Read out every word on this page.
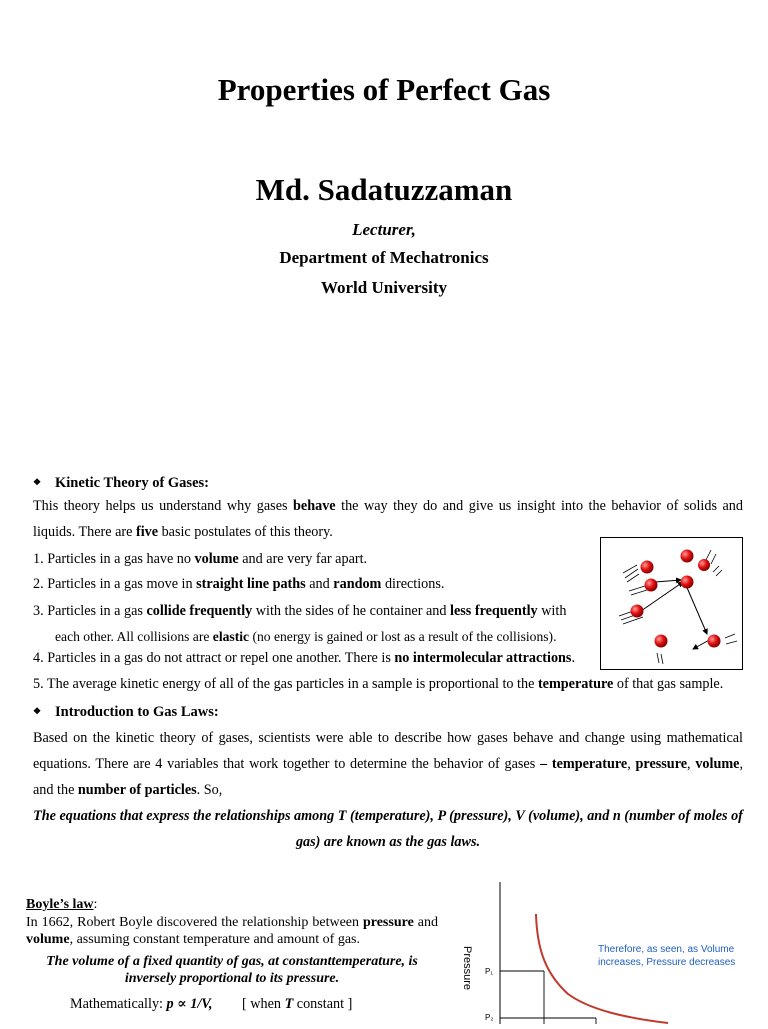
Properties of Perfect Gas
Md. Sadatuzzaman
Lecturer,
Department of Mechatronics
World University
❖ Kinetic Theory of Gases:
This theory helps us understand why gases behave the way they do and give us insight into the behavior of solids and liquids. There are five basic postulates of this theory.
1. Particles in a gas have no volume and are very far apart.
2. Particles in a gas move in straight line paths and random directions.
3. Particles in a gas collide frequently with the sides of he container and less frequently with
each other. All collisions are elastic (no energy is gained or lost as a result of the collisions).
4. Particles in a gas do not attract or repel one another. There is no intermolecular attractions.
5. The average kinetic energy of all of the gas particles in a sample is proportional to the temperature of that gas sample.
❖ Introduction to Gas Laws:
Based on the kinetic theory of gases, scientists were able to describe how gases behave and change using mathematical equations. There are 4 variables that work together to determine the behavior of gases – temperature, pressure, volume, and the number of particles. So,
The equations that express the relationships among T (temperature), P (pressure), V (volume), and n (number of moles of gas) are known as the gas laws.
Boyle’s law:
In 1662, Robert Boyle discovered the relationship between pressure and volume, assuming constant temperature and amount of gas.
The volume of a fixed quantity of gas, at constanttemperature, is inversely proportional to its pressure.
Mathematically: p ∝ 1/V, [ when T constant ]
Pressure P₁
P₂
Therefore, as seen, as Volume
increases, Pressure decreases
